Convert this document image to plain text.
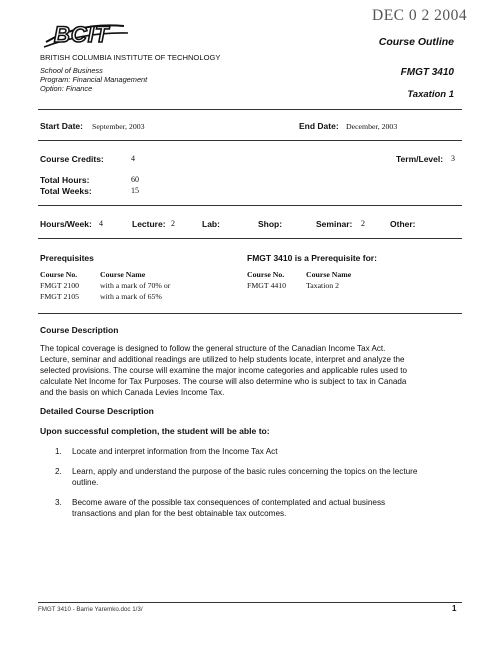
DEC 0 2 2004
BCIT
BRITISH COLUMBIA INSTITUTE OF TECHNOLOGY
School of Business
Program: Financial Management
Option: Finance
Course Outline
FMGT 3410
Taxation 1
Start Date: September, 2003	End Date: December, 2003
Course Credits:	4	Term/Level: 3
Total Hours:	60
Total Weeks:	15
Hours/Week: 4	Lecture: 2	Lab:	Shop:	Seminar: 2	Other:
Prerequisites
Course No.	Course Name
FMGT 2100	with a mark of 70% or
FMGT 2105	with a mark of 65%
FMGT 3410 is a Prerequisite for:
Course No.	Course Name
FMGT 4410	Taxation 2
Course Description
The topical coverage is designed to follow the general structure of the Canadian Income Tax Act.
Lecture, seminar and additional readings are utilized to help students locate, interpret and analyze the
selected provisions. The course will examine the major income categories and applicable rules used to
calculate Net Income for Tax Purposes. The course will also determine who is subject to tax in Canada
and the basis on which Canada Levies Income Tax.
Detailed Course Description
Upon successful completion, the student will be able to:
1. Locate and interpret information from the Income Tax Act
2. Learn, apply and understand the purpose of the basic rules concerning the topics on the lecture
outline.
3. Become aware of the possible tax consequences of contemplated and actual business
transactions and plan for the best obtainable tax outcomes.
FMGT 3410 - Barrie Yaremko.doc 1/3/	1
